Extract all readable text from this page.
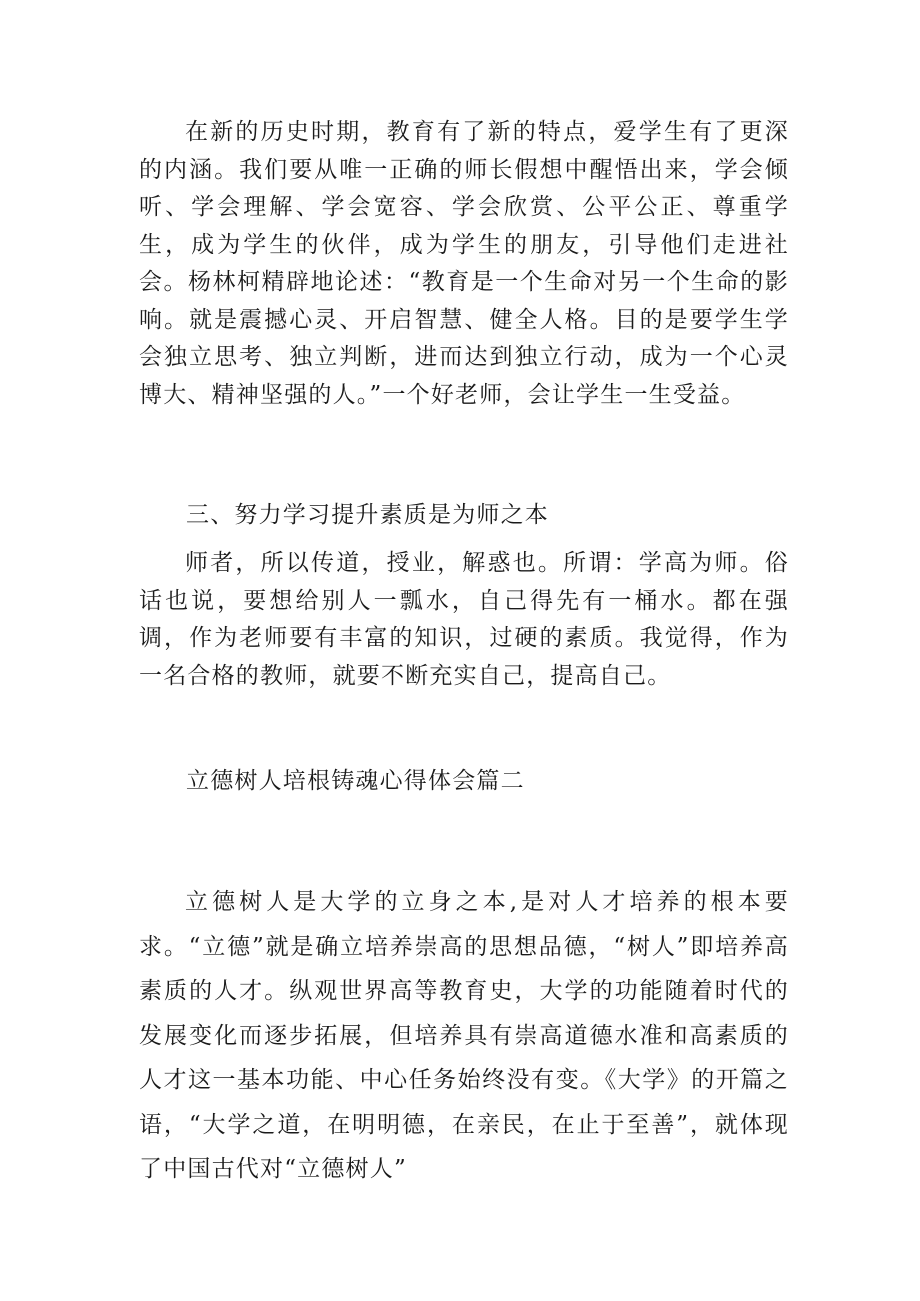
在新的历史时期，教育有了新的特点，爱学生有了更深的内涵。我们要从唯一正确的师长假想中醒悟出来，学会倾听、学会理解、学会宽容、学会欣赏、公平公正、尊重学生，成为学生的伙伴，成为学生的朋友，引导他们走进社会。杨林柯精辟地论述：“教育是一个生命对另一个生命的影响。就是震撼心灵、开启智慧、健全人格。目的是要学生学会独立思考、独立判断，进而达到独立行动，成为一个心灵博大、精神坚强的人。”一个好老师，会让学生一生受益。

三、努力学习提升素质是为师之本

师者，所以传道，授业，解惑也。所谓：学高为师。俗话也说，要想给别人一瓢水，自己得先有一桶水。都在强调，作为老师要有丰富的知识，过硬的素质。我觉得，作为一名合格的教师，就要不断充实自己，提高自己。

立德树人培根铸魂心得体会篇二

立德树人是大学的立身之本,是对人才培养的根本要求。“立德”就是确立培养崇高的思想品德，“树人”即培养高素质的人才。纵观世界高等教育史，大学的功能随着时代的发展变化而逐步拓展，但培养具有崇高道德水准和高素质的人才这一基本功能、中心任务始终没有变。《大学》的开篇之语，“大学之道，在明明德，在亲民，在止于至善”，就体现了中国古代对“立德树人”
